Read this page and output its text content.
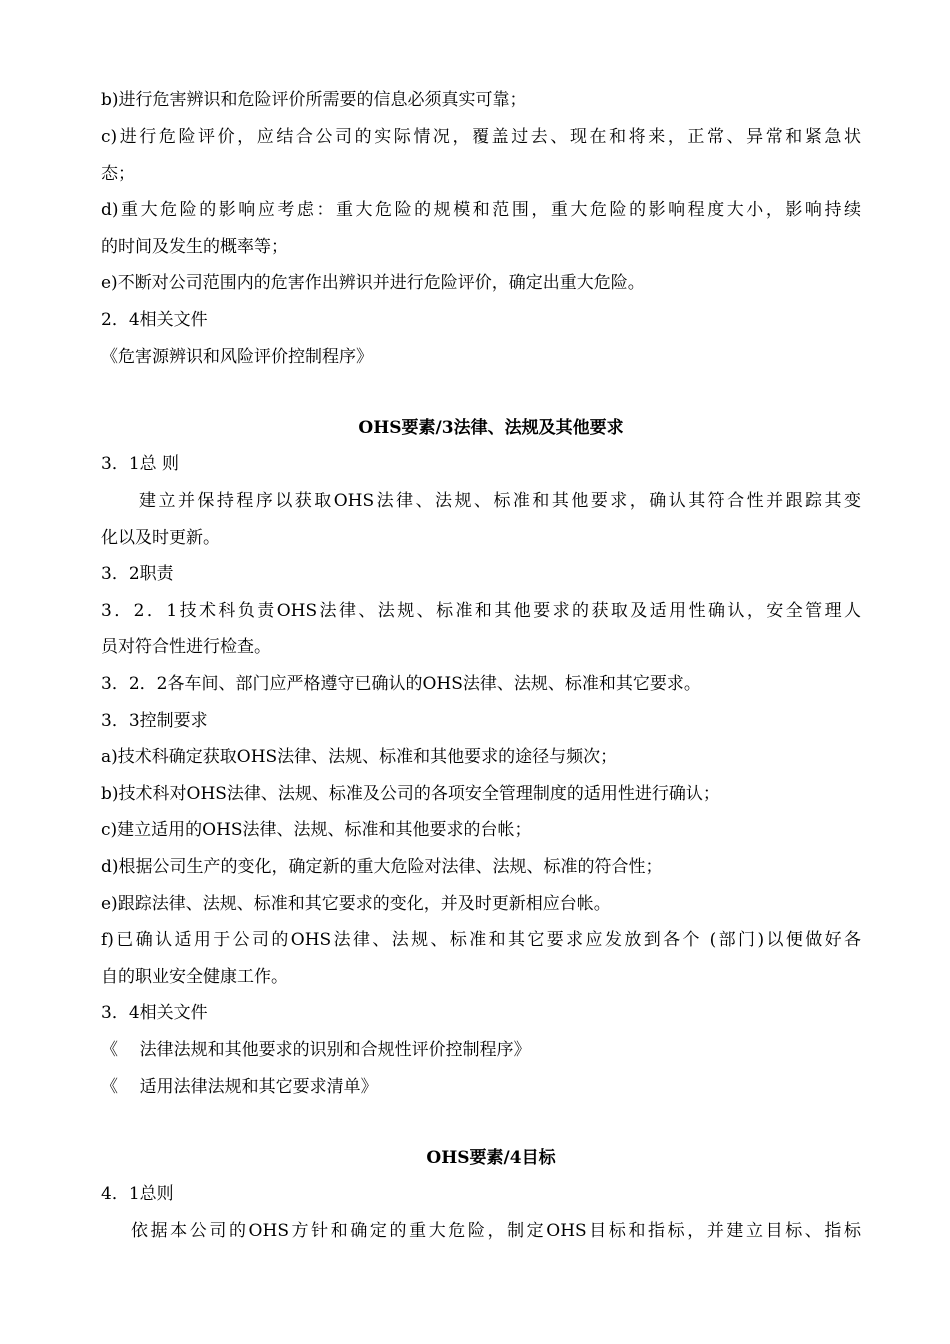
b)进行危害辨识和危险评价所需要的信息必须真实可靠；
c)进行危险评价，应结合公司的实际情况，覆盖过去、现在和将来，正常、异常和紧急状
态；
d)重大危险的影响应考虑：重大危险的规模和范围，重大危险的影响程度大小，影响持续
的时间及发生的概率等；
e)不断对公司范围内的危害作出辨识并进行危险评价，确定出重大危险。
2．4相关文件
《危害源辨识和风险评价控制程序》
OHS要素/3法律、法规及其他要求
3．1总 则
建立并保持程序以获取OHS法律、法规、标准和其他要求，确认其符合性并跟踪其变
化以及时更新。
3．2职责
3．2．1技术科负责OHS法律、法规、标准和其他要求的获取及适用性确认，安全管理人
员对符合性进行检查。
3．2．2各车间、部门应严格遵守已确认的OHS法律、法规、标准和其它要求。
3．3控制要求
a)技术科确定获取OHS法律、法规、标准和其他要求的途径与频次；
b)技术科对OHS法律、法规、标准及公司的各项安全管理制度的适用性进行确认；
c)建立适用的OHS法律、法规、标准和其他要求的台帐；
d)根据公司生产的变化，确定新的重大危险对法律、法规、标准的符合性；
e)跟踪法律、法规、标准和其它要求的变化，并及时更新相应台帐。
f)已确认适用于公司的OHS法律、法规、标准和其它要求应发放到各个 (部门)以便做好各
自的职业安全健康工作。
3．4相关文件
《    法律法规和其他要求的识别和合规性评价控制程序》
《    适用法律法规和其它要求清单》
OHS要素/4目标
4．1总则
依据本公司的OHS方针和确定的重大危险，制定OHS目标和指标，并建立目标、指标
